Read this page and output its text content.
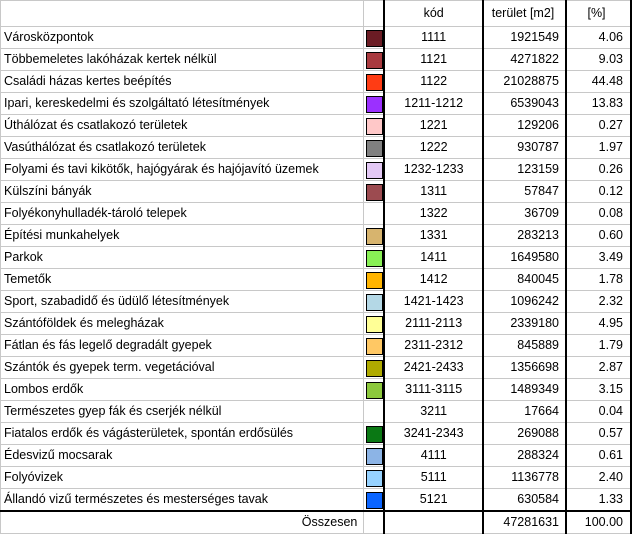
		kód	terület [m2]	[%]
Városközpontok		1111	1921549	4.06
Többemeletes lakóházak kertek nélkül		1121	4271822	9.03
Családi házas kertes beépítés		1122	21028875	44.48
Ipari, kereskedelmi és szolgáltató létesítmények		1211-1212	6539043	13.83
Úthálózat és csatlakozó területek		1221	129206	0.27
Vasúthálózat és csatlakozó területek		1222	930787	1.97
Folyami és tavi kikötők, hajógyárak és hajójavító üzemek		1232-1233	123159	0.26
Külszíni bányák		1311	57847	0.12
Folyékonyhulladék-tároló telepek		1322	36709	0.08
Építési munkahelyek		1331	283213	0.60
Parkok		1411	1649580	3.49
Temetők		1412	840045	1.78
Sport, szabadidő és üdülő létesítmények		1421-1423	1096242	2.32
Szántóföldek és melegházak		2111-2113	2339180	4.95
Fátlan és fás legelő degradált gyepek		2311-2312	845889	1.79
Szántók és gyepek term. vegetációval		2421-2433	1356698	2.87
Lombos erdők		3111-3115	1489349	3.15
Természetes gyep fák és cserjék nélkül		3211	17664	0.04
Fiatalos erdők és vágásterületek, spontán erdősülés		3241-2343	269088	0.57
Édesvizű mocsarak		4111	288324	0.61
Folyóvizek		5111	1136778	2.40
Állandó vizű természetes és mesterséges tavak		5121	630584	1.33
Összesen			47281631	100.00
